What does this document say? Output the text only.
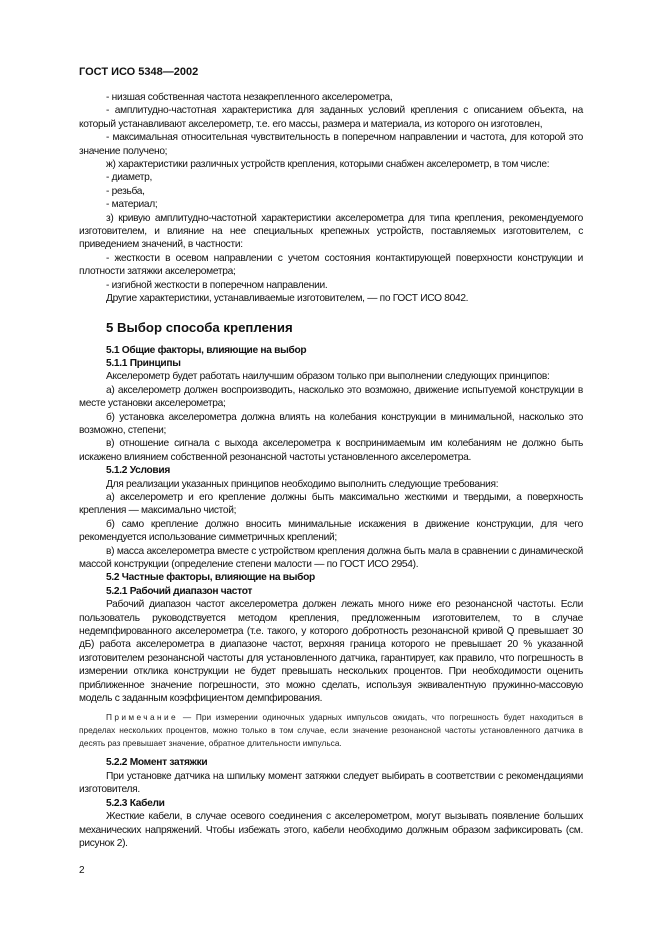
ГОСТ ИСО 5348—2002

- низшая собственная частота незакрепленного акселерометра,

- амплитудно-частотная характеристика для заданных условий крепления с описанием объекта, на который устанавливают акселерометр, т.е. его массы, размера и материала, из которого он изготовлен,

- максимальная относительная чувствительность в поперечном направлении и частота, для которой это значение получено;

ж) характеристики различных устройств крепления, которыми снабжен акселерометр, в том числе:

- диаметр,

- резьба,

- материал;

з) кривую амплитудно-частотной характеристики акселерометра для типа крепления, рекомендуемого изготовителем, и влияние на нее специальных крепежных устройств, поставляемых изготовителем, с приведением значений, в частности:

- жесткости в осевом направлении с учетом состояния контактирующей поверхности конструкции и плотности затяжки акселерометра;

- изгибной жесткости в поперечном направлении.

Другие характеристики, устанавливаемые изготовителем, — по ГОСТ ИСО 8042.

5 Выбор способа крепления

5.1 Общие факторы, влияющие на выбор

5.1.1 Принципы

Акселерометр будет работать наилучшим образом только при выполнении следующих принципов:

а) акселерометр должен воспроизводить, насколько это возможно, движение испытуемой конструкции в месте установки акселерометра;

б) установка акселерометра должна влиять на колебания конструкции в минимальной, насколько это возможно, степени;

в) отношение сигнала с выхода акселерометра к воспринимаемым им колебаниям не должно быть искажено влиянием собственной резонансной частоты установленного акселерометра.

5.1.2 Условия

Для реализации указанных принципов необходимо выполнить следующие требования:

а) акселерометр и его крепление должны быть максимально жесткими и твердыми, а поверхность крепления — максимально чистой;

б) само крепление должно вносить минимальные искажения в движение конструкции, для чего рекомендуется использование симметричных креплений;

в) масса акселерометра вместе с устройством крепления должна быть мала в сравнении с динамической массой конструкции (определение степени малости — по ГОСТ ИСО 2954).

5.2 Частные факторы, влияющие на выбор

5.2.1 Рабочий диапазон частот

Рабочий диапазон частот акселерометра должен лежать много ниже его резонансной частоты. Если пользователь руководствуется методом крепления, предложенным изготовителем, то в случае недемпфированного акселерометра (т.е. такого, у которого добротность резонансной кривой Q превышает 30 дБ) работа акселерометра в диапазоне частот, верхняя граница которого не превышает 20 % указанной изготовителем резонансной частоты для установленного датчика, гарантирует, как правило, что погрешность в измерении отклика конструкции не будет превышать нескольких процентов. При необходимости оценить приближенное значение погрешности, это можно сделать, используя эквивалентную пружинно-массовую модель с заданным коэффициентом демпфирования.

Примечание — При измерении одиночных ударных импульсов ожидать, что погрешность будет находиться в пределах нескольких процентов, можно только в том случае, если значение резонансной частоты установленного датчика в десять раз превышает значение, обратное длительности импульса.

5.2.2 Момент затяжки

При установке датчика на шпильку момент затяжки следует выбирать в соответствии с рекомендациями изготовителя.

5.2.3 Кабели

Жесткие кабели, в случае осевого соединения с акселерометром, могут вызывать появление больших механических напряжений. Чтобы избежать этого, кабели необходимо должным образом зафиксировать (см. рисунок 2).

2
